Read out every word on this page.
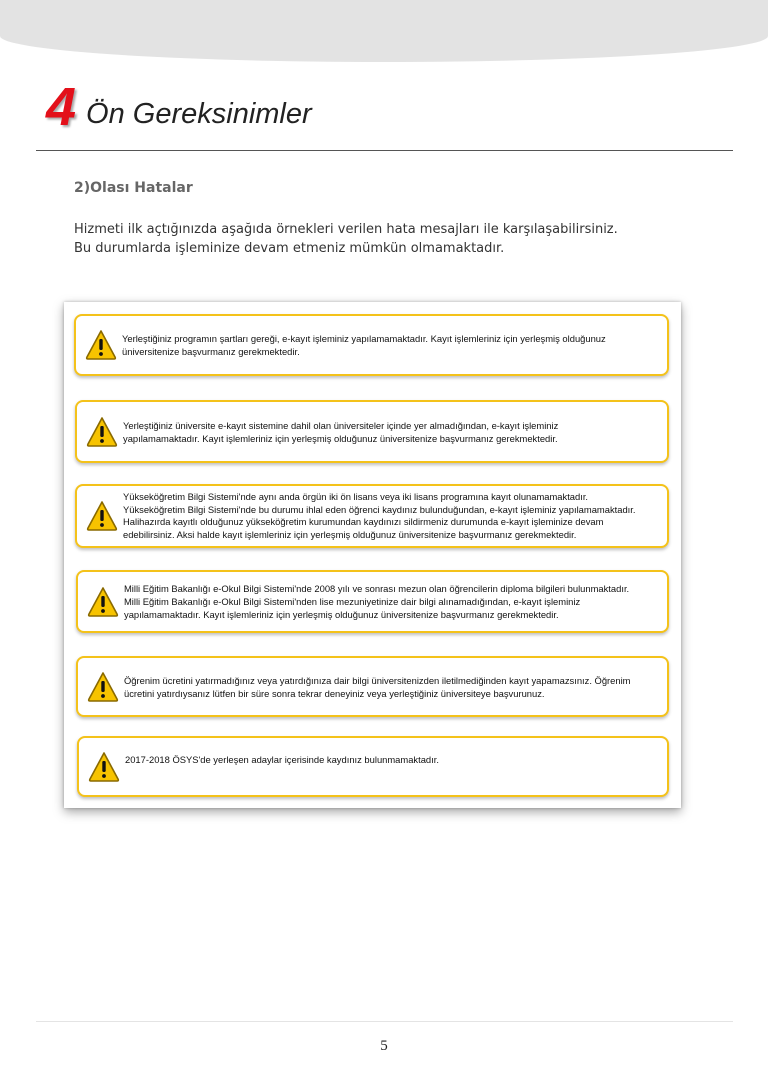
4 Ön Gereksinimler
2)Olası Hatalar

Hizmeti ilk açtığınızda aşağıda örnekleri verilen hata mesajları ile karşılaşabilirsiniz.

Bu durumlarda işleminize devam etmeniz mümkün olmamaktadır.

Yerleştiğiniz programın şartları gereği, e-kayıt işleminiz yapılamamaktadır. Kayıt işlemleriniz için yerleşmiş olduğunuz
üniversitenize başvurmanız gerekmektedir.
Yerleştiğiniz üniversite e-kayıt sistemine dahil olan üniversiteler içinde yer almadığından, e-kayıt işleminiz
yapılamamaktadır. Kayıt işlemleriniz için yerleşmiş olduğunuz üniversitenize başvurmanız gerekmektedir.
Yükseköğretim Bilgi Sistemi'nde aynı anda örgün iki ön lisans veya iki lisans programına kayıt olunamamaktadır.
Yükseköğretim Bilgi Sistemi'nde bu durumu ihlal eden öğrenci kaydınız bulunduğundan, e-kayıt işleminiz yapılamamaktadır.
Halihazırda kayıtlı olduğunuz yükseköğretim kurumundan kaydınızı sildirmeniz durumunda e-kayıt işleminize devam
edebilirsiniz. Aksi halde kayıt işlemleriniz için yerleşmiş olduğunuz üniversitenize başvurmanız gerekmektedir.
Milli Eğitim Bakanlığı e-Okul Bilgi Sistemi'nde 2008 yılı ve sonrası mezun olan öğrencilerin diploma bilgileri bulunmaktadır.
Milli Eğitim Bakanlığı e-Okul Bilgi Sistemi'nden lise mezuniyetinize dair bilgi alınamadığından, e-kayıt işleminiz
yapılamamaktadır. Kayıt işlemleriniz için yerleşmiş olduğunuz üniversitenize başvurmanız gerekmektedir.
Öğrenim ücretini yatırmadığınız veya yatırdığınıza dair bilgi üniversitenizden iletilmediğinden kayıt yapamazsınız. Öğrenim
ücretini yatırdıysanız lütfen bir süre sonra tekrar deneyiniz veya yerleştiğiniz üniversiteye başvurunuz.
2017-2018 ÖSYS'de yerleşen adaylar içerisinde kaydınız bulunmamaktadır.
5
